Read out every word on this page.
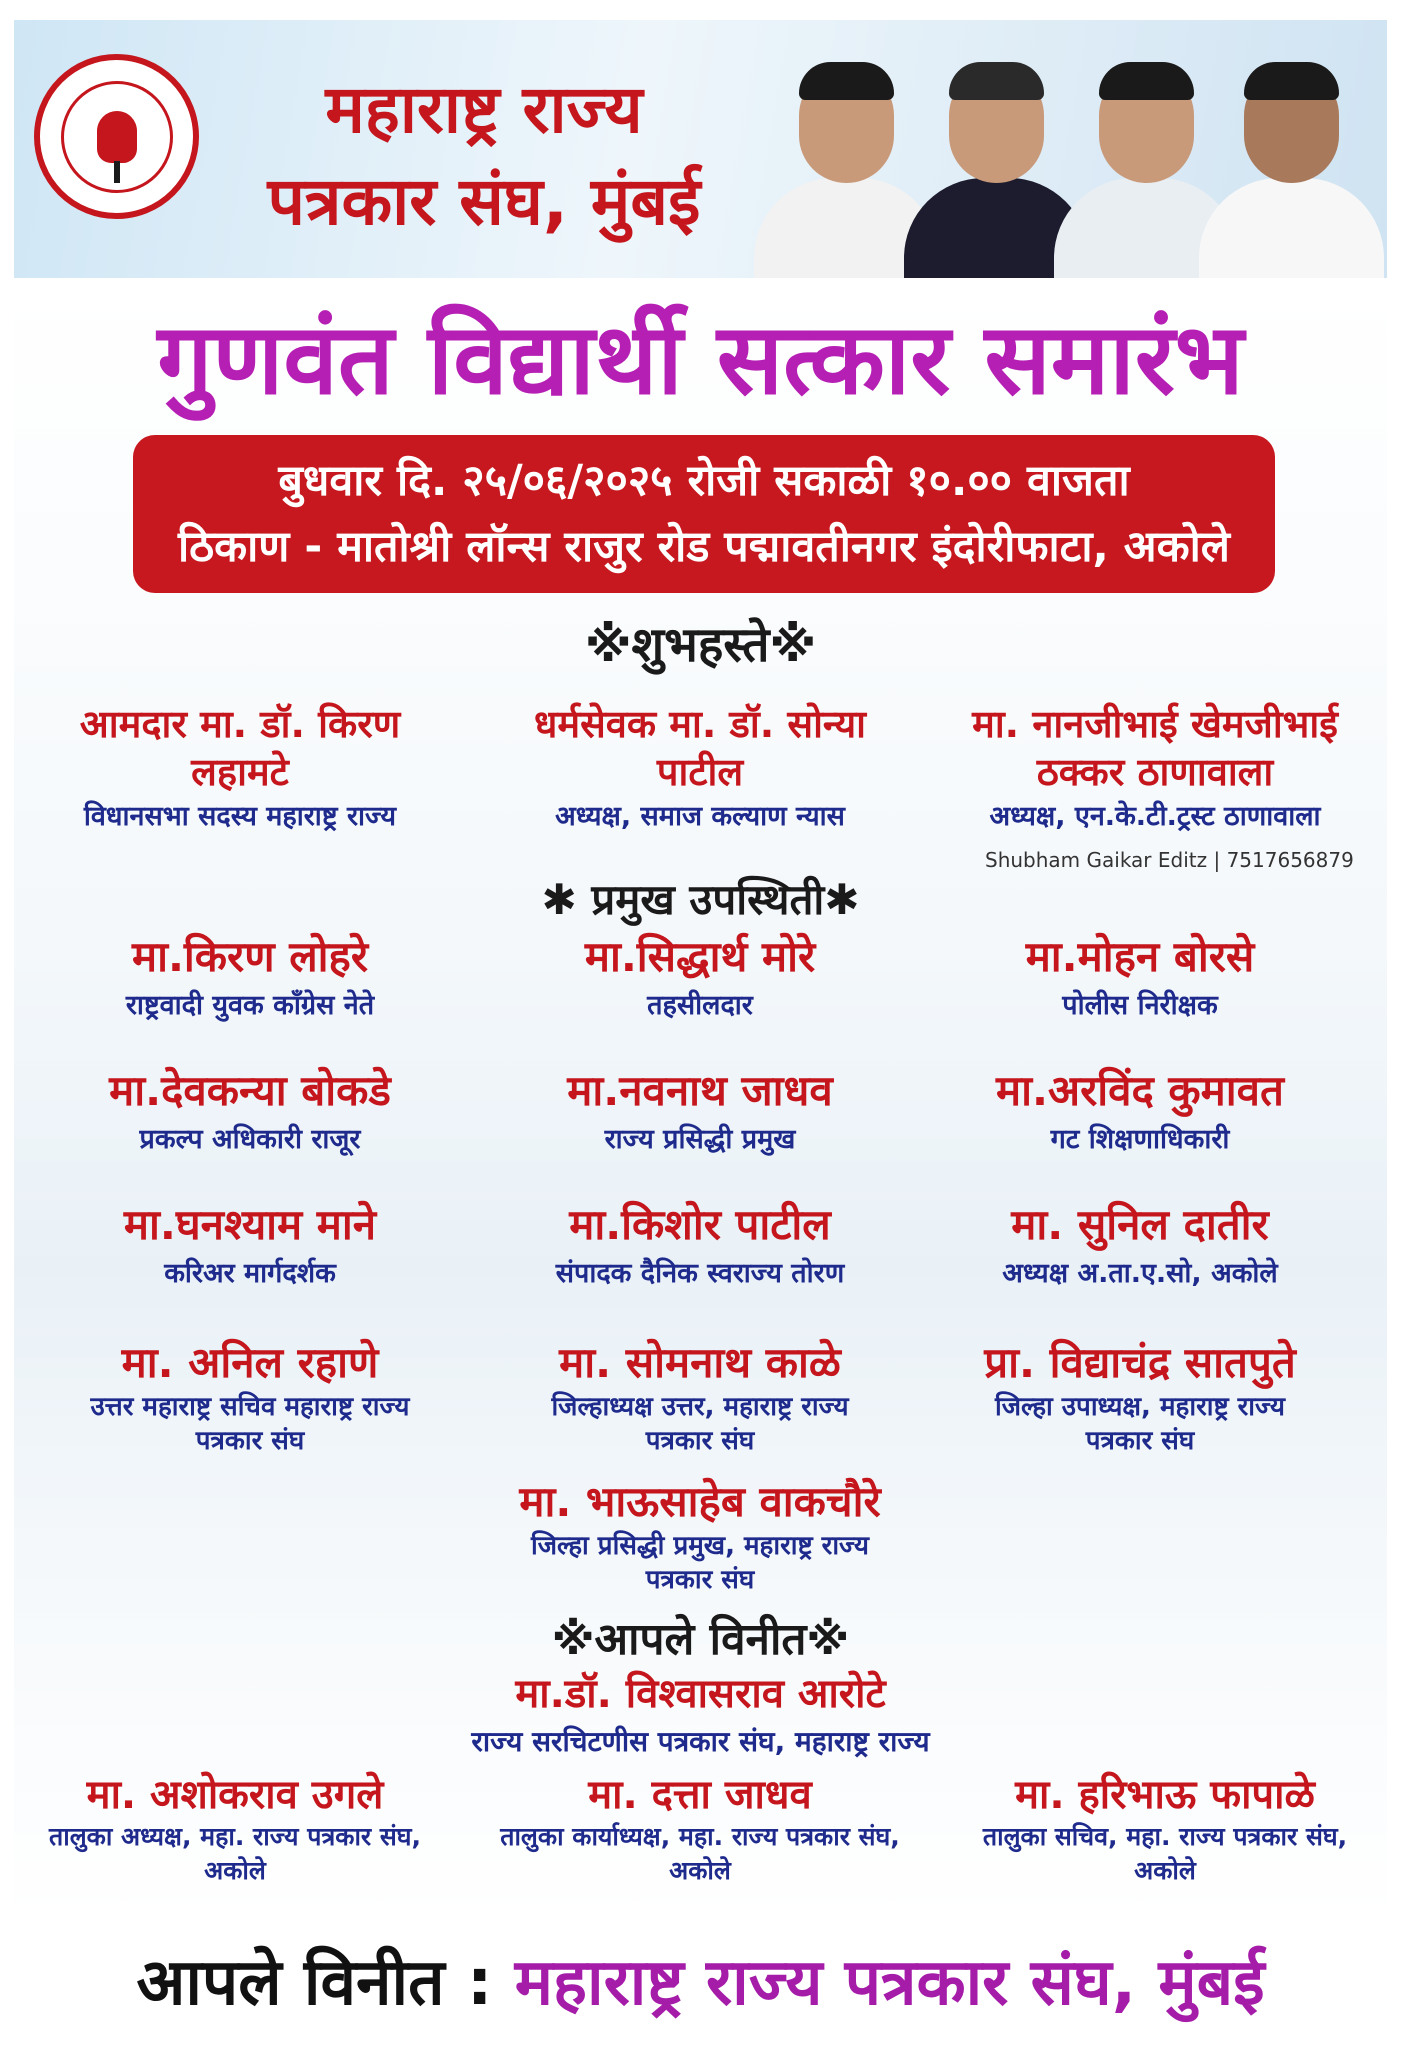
महाराष्ट्र राज्य
पत्रकार संघ, मुंबई
गुणवंत विद्यार्थी सत्कार समारंभ
बुधवार दि. २५/०६/२०२५ रोजी सकाळी १०.०० वाजता
ठिकाण - मातोश्री लॉन्स राजुर रोड पद्मावतीनगर इंदोरीफाटा, अकोले
※शुभहस्ते※
आमदार मा. डॉ. किरण लहामटे
विधानसभा सदस्य महाराष्ट्र राज्य
धर्मसेवक मा. डॉ. सोन्या पाटील
अध्यक्ष, समाज कल्याण न्यास
मा. नानजीभाई खेमजीभाई ठक्कर ठाणावाला
अध्यक्ष, एन.के.टी.ट्रस्ट ठाणावाला
Shubham Gaikar Editz | 7517656879
✱ प्रमुख उपस्थिती✱
मा.किरण लोहरे
राष्ट्रवादी युवक काँग्रेस नेते
मा.सिद्धार्थ मोरे
तहसीलदार
मा.मोहन बोरसे
पोलीस निरीक्षक
मा.देवकन्या बोकडे
प्रकल्प अधिकारी राजूर
मा.नवनाथ जाधव
राज्य प्रसिद्धी प्रमुख
मा.अरविंद कुमावत
गट शिक्षणाधिकारी
मा.घनश्याम माने
करिअर मार्गदर्शक
मा.किशोर पाटील
संपादक दैनिक स्वराज्य तोरण
मा. सुनिल दातीर
अध्यक्ष अ.ता.ए.सो, अकोले
मा. अनिल रहाणे
उत्तर महाराष्ट्र सचिव महाराष्ट्र राज्य पत्रकार संघ
मा. सोमनाथ काळे
जिल्हाध्यक्ष उत्तर, महाराष्ट्र राज्य पत्रकार संघ
प्रा. विद्याचंद्र सातपुते
जिल्हा उपाध्यक्ष, महाराष्ट्र राज्य पत्रकार संघ
मा. भाऊसाहेब वाकचौरे
जिल्हा प्रसिद्धी प्रमुख, महाराष्ट्र राज्य पत्रकार संघ
※आपले विनीत※
मा.डॉ. विश्वासराव आरोटे
राज्य सरचिटणीस पत्रकार संघ, महाराष्ट्र राज्य
मा. अशोकराव उगले
तालुका अध्यक्ष, महा. राज्य पत्रकार संघ, अकोले
मा. दत्ता जाधव
तालुका कार्याध्यक्ष, महा. राज्य पत्रकार संघ, अकोले
मा. हरिभाऊ फापाळे
तालुका सचिव, महा. राज्य पत्रकार संघ, अकोले
आपले विनीत : महाराष्ट्र राज्य पत्रकार संघ, मुंबई
